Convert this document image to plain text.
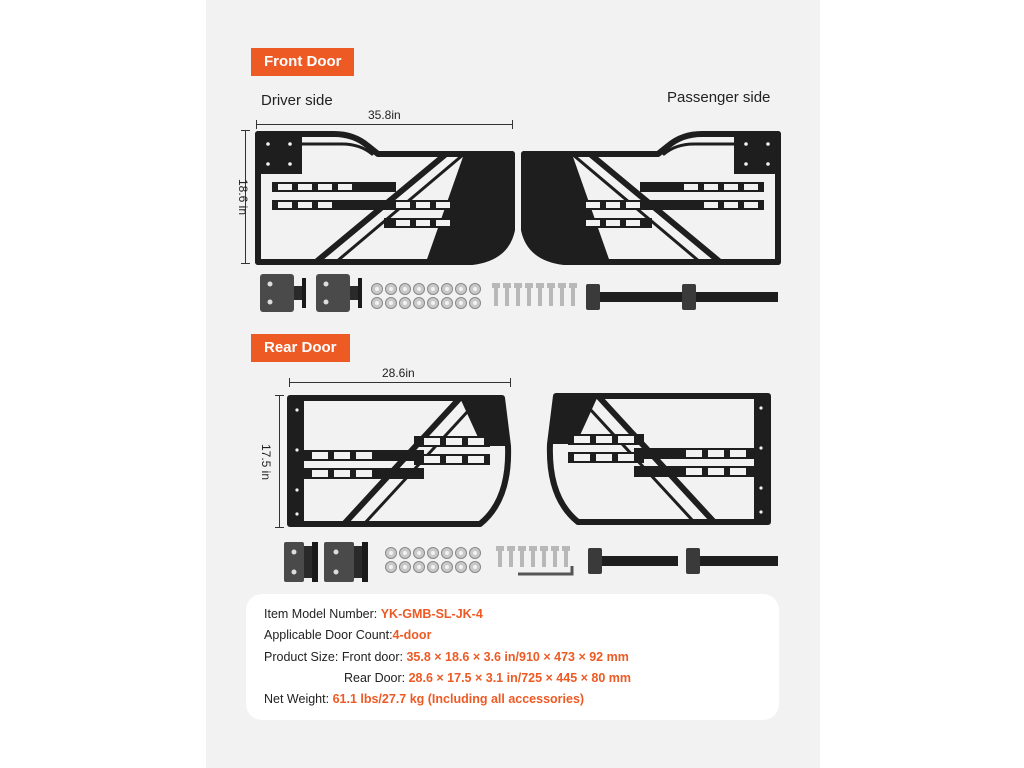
Front Door
Driver side	Passenger side
35.8in
18.6 in
Rear Door
28.6in
17.5 in
Item Model Number: YK-GMB-SL-JK-4
Applicable Door Count:4-door
Product Size: Front door: 35.8 × 18.6 × 3.6 in/910 × 473 × 92 mm
Rear Door: 28.6 × 17.5 × 3.1 in/725 × 445 × 80 mm
Net Weight: 61.1 lbs/27.7 kg (Including all accessories)
